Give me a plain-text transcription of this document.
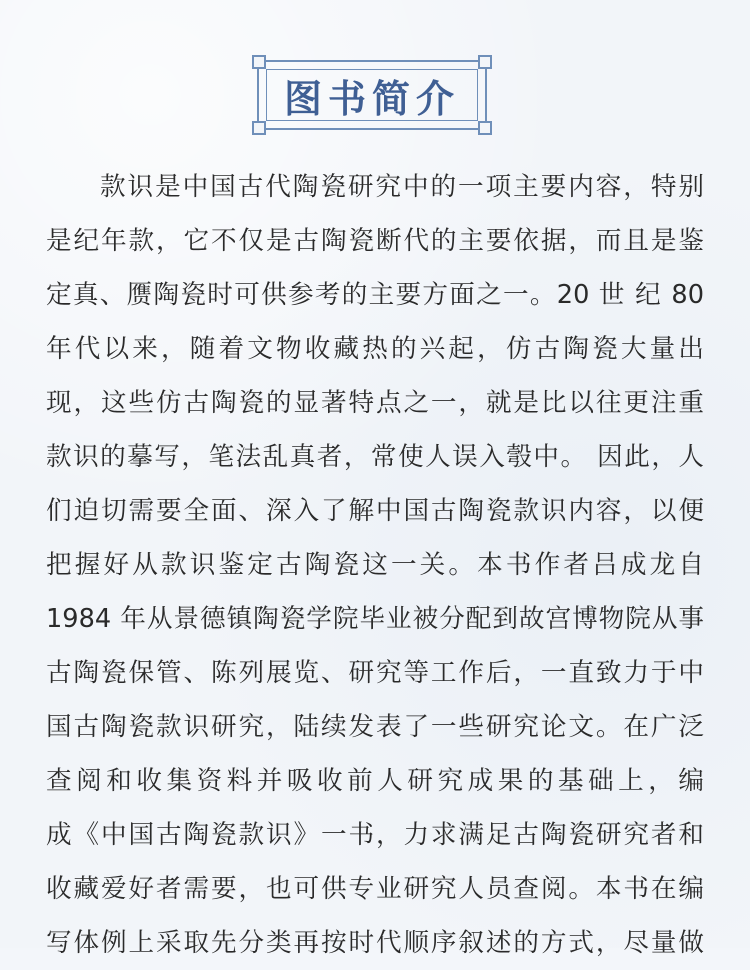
图书简介
款识是中国古代陶瓷研究中的一项主要内容，特别
是纪年款，它不仅是古陶瓷断代的主要依据，而且是鉴
定真、赝陶瓷时可供参考的主要方面之一。20 世 纪 80
年代以来，随着文物收藏热的兴起，仿古陶瓷大量出
现，这些仿古陶瓷的显著特点之一，就是比以往更注重
款识的摹写，笔法乱真者，常使人误入彀中。 因此，人
们迫切需要全面、深入了解中国古陶瓷款识内容，以便
把握好从款识鉴定古陶瓷这一关。本书作者吕成龙自
1984 年从景德镇陶瓷学院毕业被分配到故宫博物院从事
古陶瓷保管、陈列展览、研究等工作后，一直致力于中
国古陶瓷款识研究，陆续发表了一些研究论文。在广泛
查阅和收集资料并吸收前人研究成果的基础上，编
成《中国古陶瓷款识》一书，力求满足古陶瓷研究者和
收藏爱好者需要，也可供专业研究人员查阅。本书在编
写体例上采取先分类再按时代顺序叙述的方式，尽量做
